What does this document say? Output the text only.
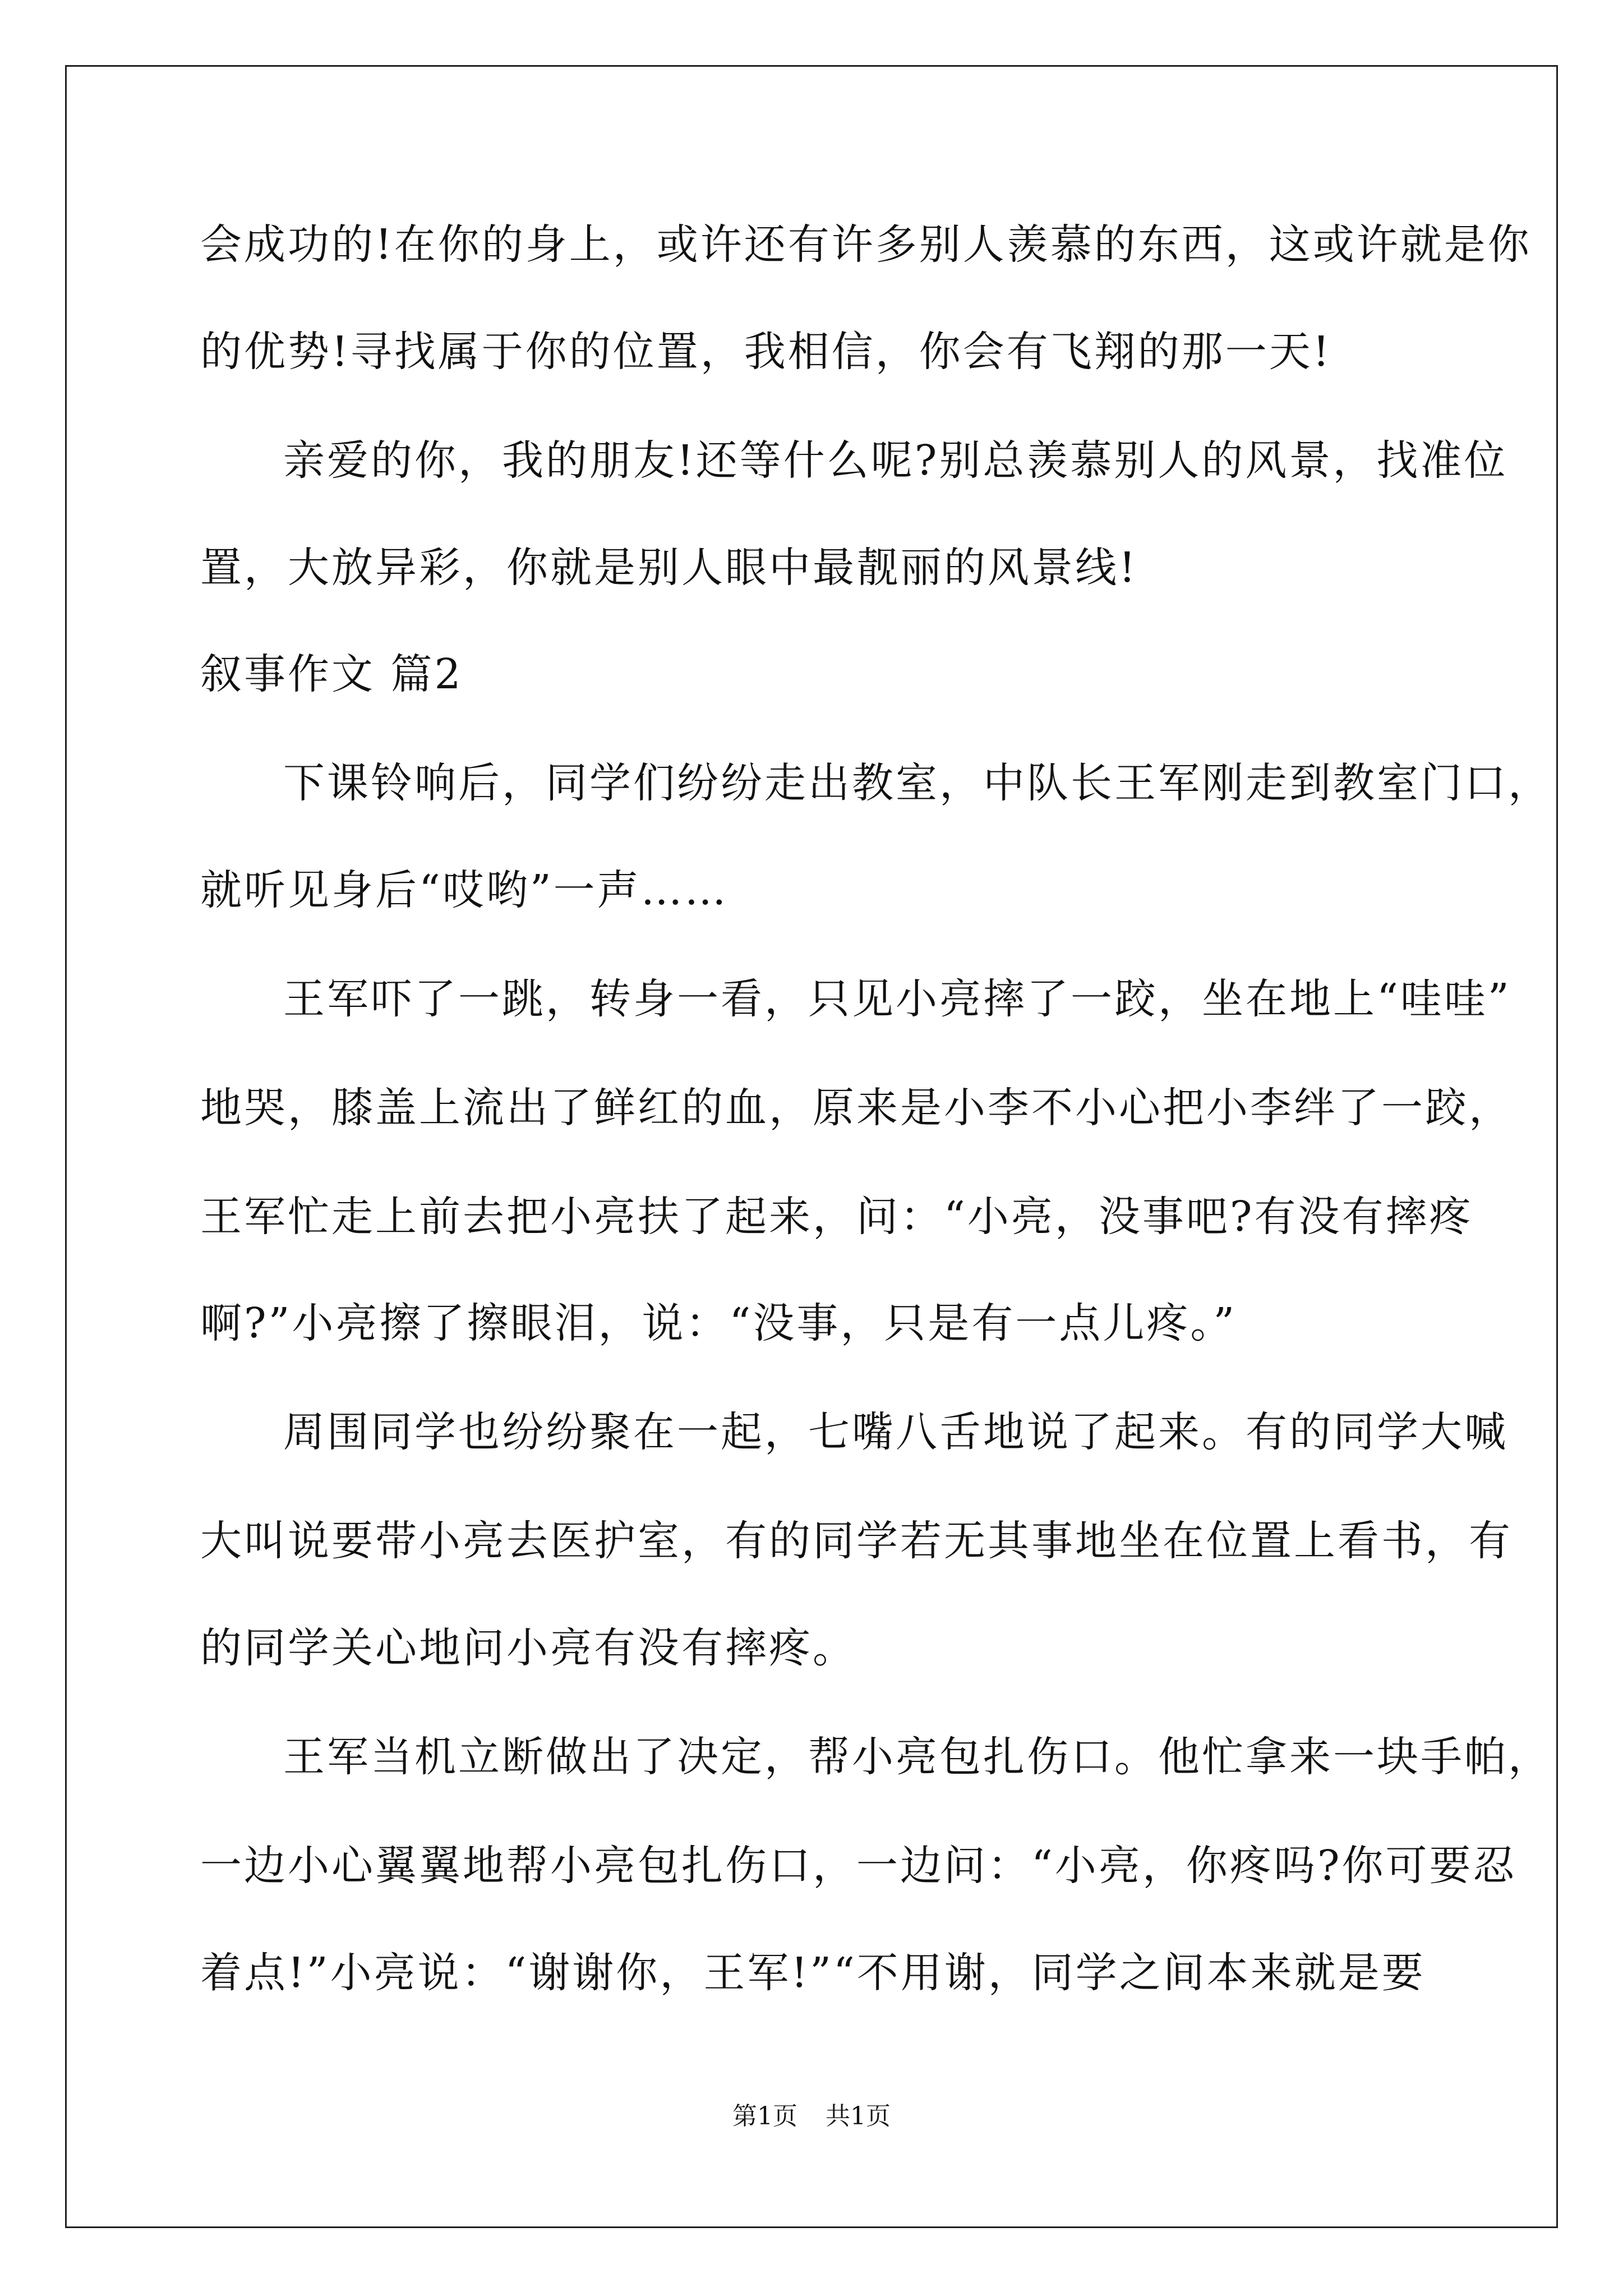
会成功的!在你的身上，或许还有许多别人羡慕的东西，这或许就是你
的优势!寻找属于你的位置，我相信，你会有飞翔的那一天!
亲爱的你，我的朋友!还等什么呢?别总羡慕别人的风景，找准位
置，大放异彩，你就是别人眼中最靓丽的风景线!
叙事作文 篇2
下课铃响后，同学们纷纷走出教室，中队长王军刚走到教室门口，
就听见身后“哎哟”一声……
王军吓了一跳，转身一看，只见小亮摔了一跤，坐在地上“哇哇”
地哭，膝盖上流出了鲜红的血，原来是小李不小心把小李绊了一跤，
王军忙走上前去把小亮扶了起来，问：“小亮，没事吧?有没有摔疼
啊?”小亮擦了擦眼泪，说：“没事，只是有一点儿疼。”
周围同学也纷纷聚在一起，七嘴八舌地说了起来。有的同学大喊
大叫说要带小亮去医护室，有的同学若无其事地坐在位置上看书，有
的同学关心地问小亮有没有摔疼。
王军当机立断做出了决定，帮小亮包扎伤口。他忙拿来一块手帕，
一边小心翼翼地帮小亮包扎伤口，一边问：“小亮，你疼吗?你可要忍
着点!”小亮说：“谢谢你，王军!”“不用谢，同学之间本来就是要
第1页 共1页
